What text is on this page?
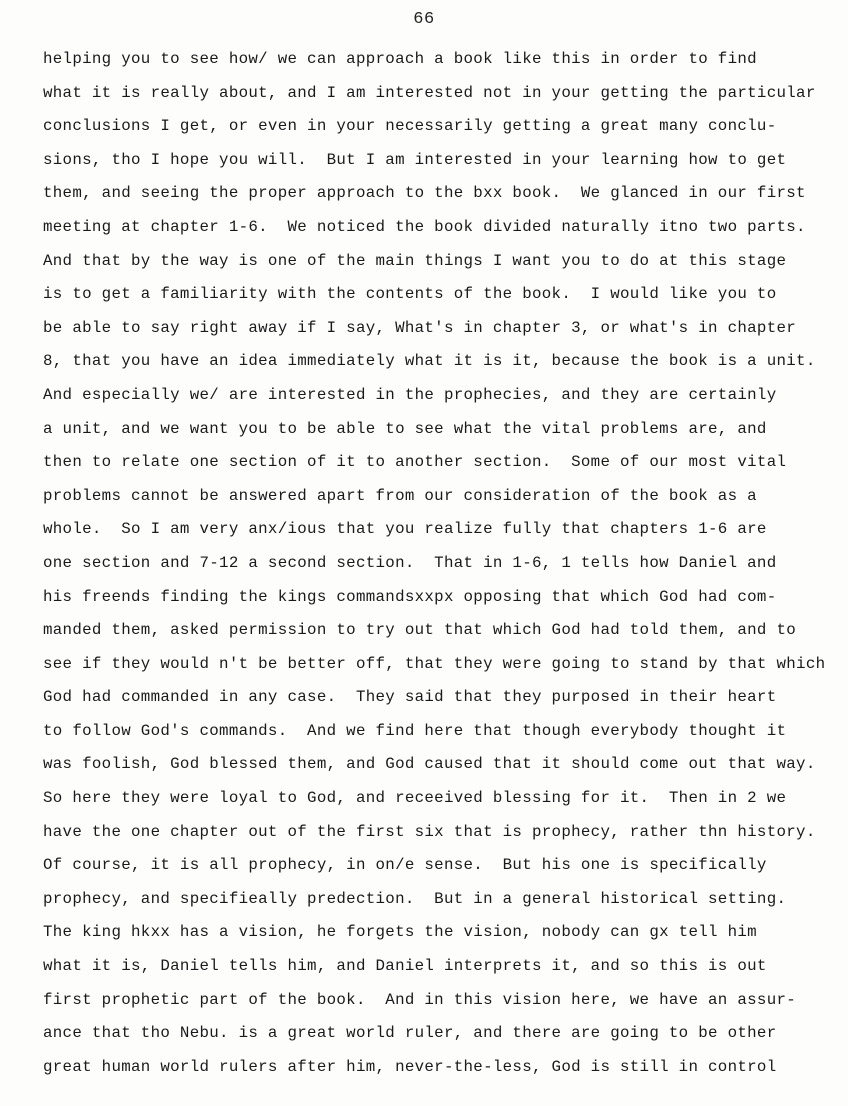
66
helping you to see how/ we can approach a book like this in order to find
what it is really about, and I am interested not in your getting the particular
conclusions I get, or even in your necessarily getting a great many conclu-
sions, tho I hope you will.  But I am interested in your learning how to get
them, and seeing the proper approach to the bxx book.  We glanced in our first
meeting at chapter 1-6.  We noticed the book divided naturally itno two parts.
And that by the way is one of the main things I want you to do at this stage
is to get a familiarity with the contents of the book.  I would like you to
be able to say right away if I say, What's in chapter 3, or what's in chapter
8, that you have an idea immediately what it is it, because the book is a unit.
And especially we/ are interested in the prophecies, and they are certainly
a unit, and we want you to be able to see what the vital problems are, and
then to relate one section of it to another section.  Some of our most vital
problems cannot be answered apart from our consideration of the book as a
whole.  So I am very anx/ious that you realize fully that chapters 1-6 are
one section and 7-12 a second section.  That in 1-6, 1 tells how Daniel and
his freends finding the kings commandsxxpx opposing that which God had com-
manded them, asked permission to try out that which God had told them, and to
see if they would n't be better off, that they were going to stand by that which
God had commanded in any case.  They said that they purposed in their heart
to follow God's commands.  And we find here that though everybody thought it
was foolish, God blessed them, and God caused that it should come out that way.
So here they were loyal to God, and receeived blessing for it.  Then in 2 we
have the one chapter out of the first six that is prophecy, rather thn history.
Of course, it is all prophecy, in on/e sense.  But his one is specifically
prophecy, and specifieally predection.  But in a general historical setting.
The king hkxx has a vision, he forgets the vision, nobody can gx tell him
what it is, Daniel tells him, and Daniel interprets it, and so this is out
first prophetic part of the book.  And in this vision here, we have an assur-
ance that tho Nebu. is a great world ruler, and there are going to be other
great human world rulers after him, never-the-less, God is still in control
